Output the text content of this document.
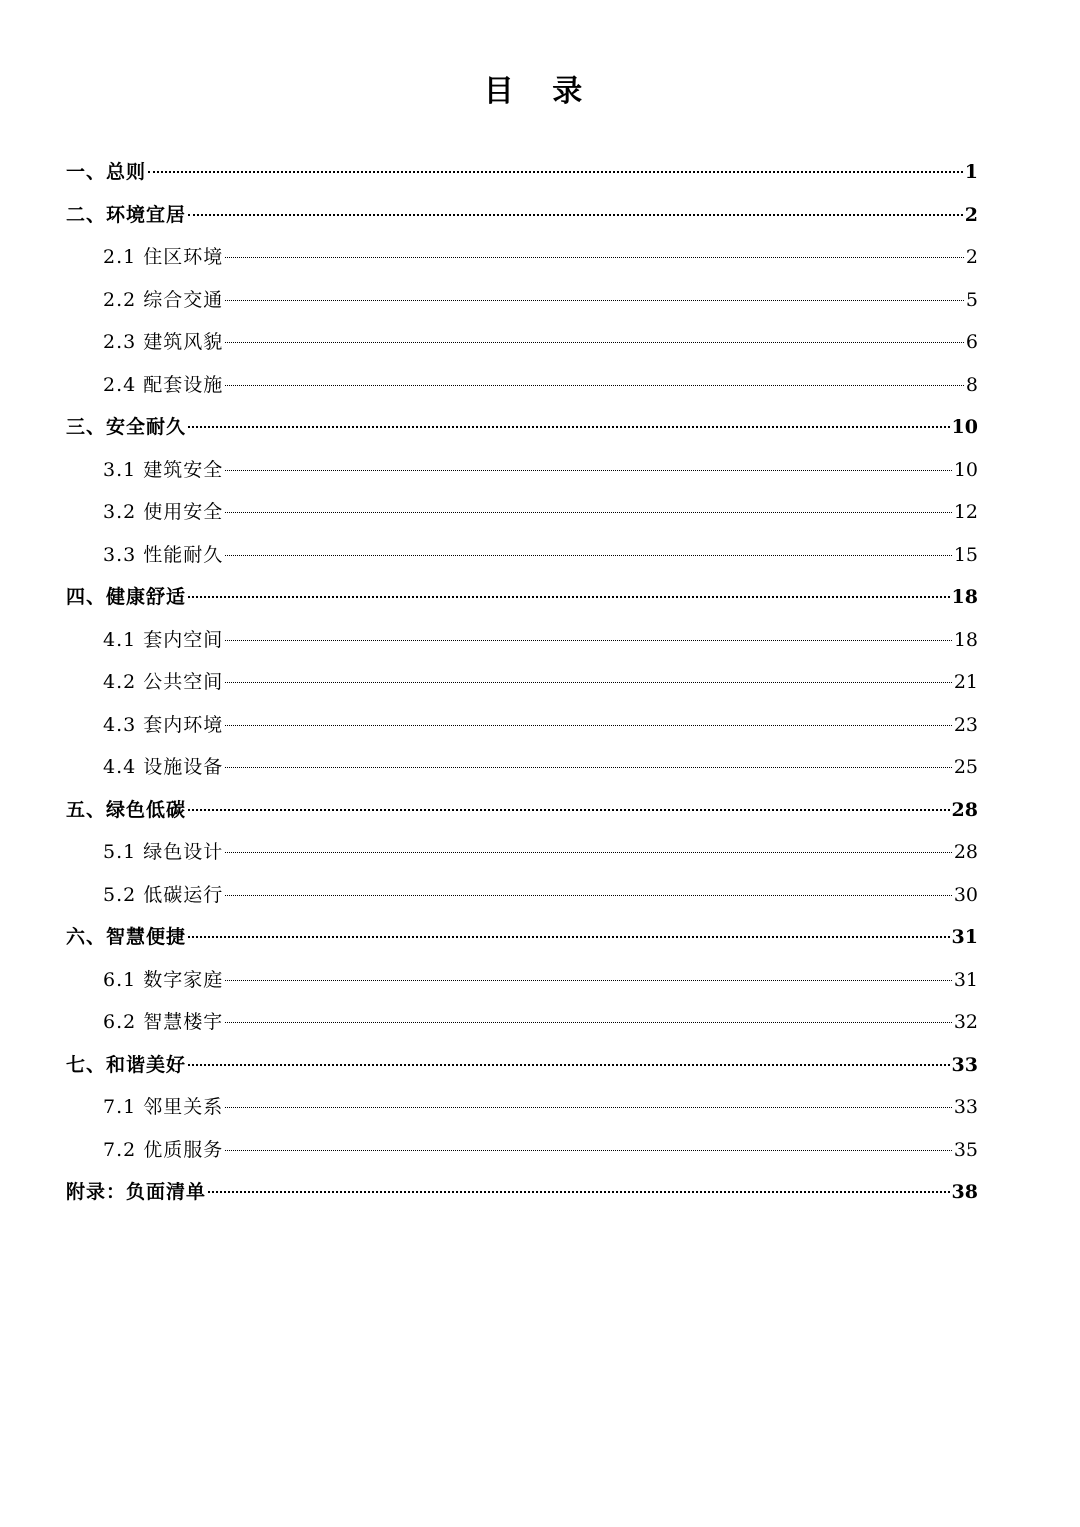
目 录
一、总则	1
二、环境宜居	2
2.1 住区环境	2
2.2 综合交通	5
2.3 建筑风貌	6
2.4 配套设施	8
三、安全耐久	10
3.1 建筑安全	10
3.2 使用安全	12
3.3 性能耐久	15
四、健康舒适	18
4.1 套内空间	18
4.2 公共空间	21
4.3 套内环境	23
4.4 设施设备	25
五、绿色低碳	28
5.1 绿色设计	28
5.2 低碳运行	30
六、智慧便捷	31
6.1 数字家庭	31
6.2 智慧楼宇	32
七、和谐美好	33
7.1 邻里关系	33
7.2 优质服务	35
附录：负面清单	38
